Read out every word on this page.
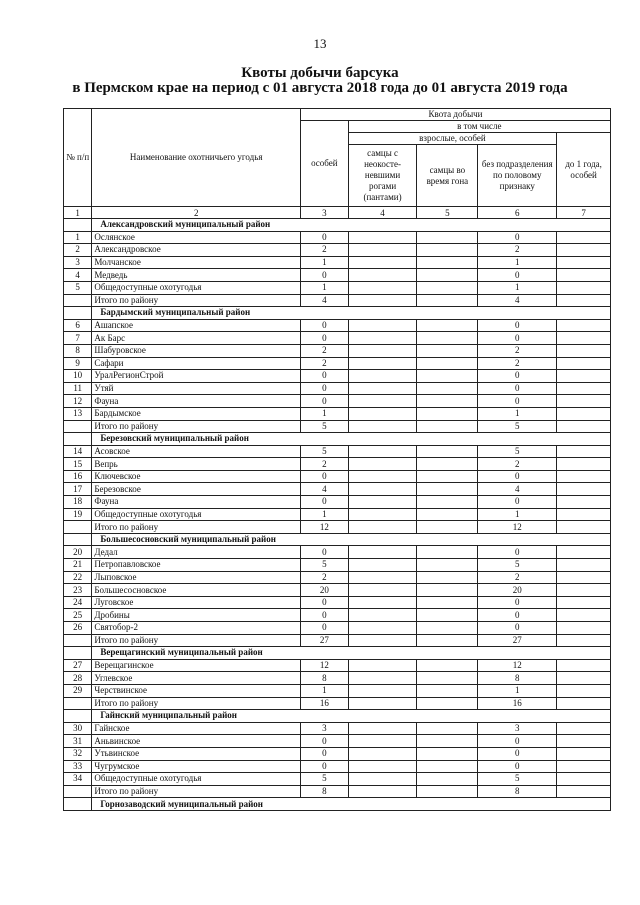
13
Квоты добычи барсука
в Пермском крае на период с 01 августа 2018 года до 01 августа 2019 года
№ п/п	Наименование охотничьего угодья	Квота добычи				
		особей	в том числе			
			взрослые, особей			до 1 года, особей
			самцы с неокосте-невшими рогами (пантами)	самцы во время гона	без подразделения по половому признаку	
1	2	3	4	5	6	7
	Александровский муниципальный район					
1	Ослянское	0			0	
2	Александровское	2			2	
3	Молчанское	1			1	
4	Медведь	0			0	
5	Общедоступные охотугодья	1			1	
	Итого по району	4			4	
	Бардымский муниципальный район					
6	Ашапское	0			0	
7	Ак Барс	0			0	
8	Шабуровское	2			2	
9	Сафари	2			2	
10	УралРегионСтрой	0			0	
11	Утяй	0			0	
12	Фауна	0			0	
13	Бардымское	1			1	
	Итого по району	5			5	
	Березовский муниципальный район					
14	Асовское	5			5	
15	Вепрь	2			2	
16	Ключевское	0			0	
17	Березовское	4			4	
18	Фауна	0			0	
19	Общедоступные охотугодья	1			1	
	Итого по району	12			12	
	Большесосновский муниципальный район					
20	Дедал	0			0	
21	Петропавловское	5			5	
22	Лыповское	2			2	
23	Большесосновское	20			20	
24	Луговское	0			0	
25	Дробины	0			0	
26	Святобор-2	0			0	
	Итого по району	27			27	
	Верещагинский муниципальный район					
27	Верещагинское	12			12	
28	Углевское	8			8	
29	Черствинское	1			1	
	Итого по району	16			16	
	Гайнский муниципальный район					
30	Гайнское	3			3	
31	Аньвинское	0			0	
32	Утьвинское	0			0	
33	Чугрумское	0			0	
34	Общедоступные охотугодья	5			5	
	Итого по району	8			8	
	Горнозаводский муниципальный район					
